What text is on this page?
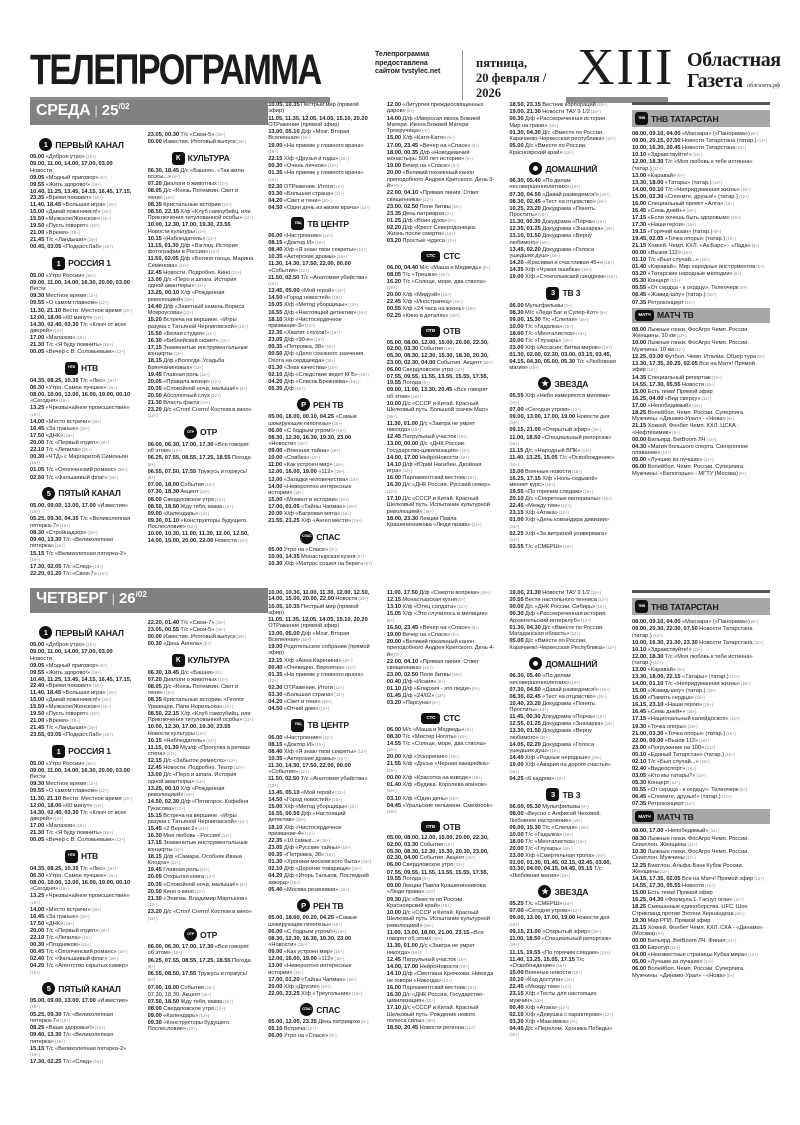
ТЕЛЕПРОГРАММА	Телепрограмма предоставлена сайтом tvstylec.net
пятница,
20 февраля / 2026	XIII Областная
Газета облгазета.рф
СРЕДА | $25^{/02}$
1 ПЕРВЫЙ КАНАЛ
05.00 «Доброе утро» (16+)
09.00, 11.00, 14.00, 17.00, 03.00 Новости
09.05 «Модный приговор» (6+)
09.55 «Жить здорово!» (16+)
10.40, 11.25, 13.45, 14.15, 16.45, 17.15, 23.35 «Время покажет» (16+)
11.40, 18.45 «Большая игра» (16+)
15.00 «Давай поженимся!» (16+)
15.50 «Мужское/Женское» (16+)
19.50 «Пусть говорят» (16+)
21.00 «Время» (16+)
21.45 Т/с «Ландыши» (16+)
00.45, 03.05 «Подкаст.Лаб» (16+)
1 РОССИЯ 1
05.00 «Утро России» (16+)
09.00, 11.00, 14.00, 16.30, 20.00, 03.00 Вести
09.30 Местное время (12+)
09.55 «О самом главном» (12+)
11.30, 21.10 Вести. Местное время (16+)
12.00, 18.00 «60 минут» (12+)
14.30, 02.40, 03.30 Т/с «Ключ от всех дверей» (12+)
17.00 «Малахов» (16+)
21.30 Т/с «Я буду помнить» (16+)
00.05 «Вечер с В. Соловьевым» (12+)
НТВ НТВ
04.35, 08.25, 10.35 Т/с «Лес» (16+)
06.30 «Утро. Самое лучшее» (16+)
08.00, 10.00, 13.00, 16.00, 19.00, 00.10 «Сегодня» (16+)
13.25 «Чрезвычайное происшествие» (16+)
14.00 «Место встречи» (16+)
16.45 «За гранью» (16+)
17.50 «ДНК» (16+)
20.00 Т/с «Первый отдел» (16+)
22.10 Т/с «Лепила» (16+)
00.30 «ЧТД» с Маргаритой Симоньян (16+)
01.05 Т/с «Ополченский романс» (16+)
02.50 Т/с «Фальшивый флаг» (16+)
5 ПЯТЫЙ КАНАЛ
05.00, 09.00, 13.00, 17.00 «Известия» (16+)
05.25, 09.30, 04.35 Т/с «Великолепная пятерка-7» (16+)
08.30 «Стройнадзор» (16+)
09.40, 13.30 Т/с «Великолепная пятерка» (16+)
15.15 Т/с «Великолепная пятерка-2» (16+)
17.30, 02.05 Т/с «След» (16+)
22.20, 01.20 Т/с «Свои-7» (16+)
23.05, 00.30 Т/с «Свои-5» (16+)
00.00 Известия. Итоговый выпуск (16+)
К КУЛЬТУРА
06.30, 18.45 Д/с «Башня». «Так жили поэты...» (6+)
07.20 Диалоги о животных (12+)
08.05 Д/с «Князь Потемкин. Свет и тени» (12+)
08.35 Кристальные истории (12+)
08.50, 22.15 Х/ф «Клуб самоубийц, или Приключения титулованной особы» (12+)
10.00, 12.30, 17.00, 19.30, 23.55 Новости культуры (12+)
10.15 «Наблюдатель» (12+)
11.15, 01.30 Д/ф «Взгляд. История фотографии в России» (12+)
11.50, 02.05 Д/ф «Богиня танца. Марина Семенова» (12+)
12.45 Новости. Подробно. Кино (12+)
13.00 Д/с «Перо и шпага. История одной авантюры» (12+)
13.25, 00.10 Х/ф «Рожденная революцией» (16+)
14.40 Д/ф «Заветный камень Бориса Мокроусова» (12+)
15.20 Встреча на вершине. «Игры разума с Татьяной Черниговской» (12+)
15.50 «Белая студия» (12+)
16.30 «Библейский сюжет» (12+)
17.15 Знаменитые инструментальные концерты (12+)
18.15 Д/ф «Вологда. Усадьба Брянчаниновых» (12+)
19.45 Главная роль (12+)
20.05 «Правила жизни» (12+)
20.35 «Спокойной ночи, малыши!» (6+)
20.50 Абсолютный слух (12+)
21.30 Власть факта (12+)
23.20 Д/с «Стоп! Снято! Костюм в кино» (12+)
ОТР ОТР
06.00, 06.30, 17.00, 17.30 «Все говорят об этом» (16+)
06.25, 07.55, 08.55, 17.25, 18.55 Погода (6+)
06.55, 07.50, 17.55 Тружусь и горжусь! (6+)
07.00, 18.00 События (16+)
07.30, 18.30 Акцент (16+)
08.00 Свердловское утро (12+)
08.50, 18.50 Жду тебя, мама (16+)
09.00 «Календарь» (12+)
09.30, 01.10 «Конструкторы будущего. Послесловие» (12+)
10.00, 10.30, 11.00, 11.30, 12.00, 12.50, 14.00, 15.00, 20.00, 22.00 Новости (16+)
10.05, 10.35 Пестрый мир (прямой эфир)
11.05, 11.35, 12.05, 14.05, 15.10, 20.20 ОТРажение (прямой эфир)
13.00, 05.10 Д/ф «Мозг. Вторая Вселенная» (16+)
19.00 «На приеме у главного врача» (16+)
22.15 Х/ф «Друзья и годы» (16+)
00.30 «Очень личное» (12+)
01.35 «На приеме у главного врача» (12+)
02.30 ОТРажение. Итоги (12+)
03.30 «Большая страна» (12+)
04.20 «Свет и тени» (16+)
04.50 «Один день из жизни врача» (12+)
ТВЦ ТВ ЦЕНТР
06.00 «Настроение» (12+)
08.15 «Доктор И» (16+)
08.40 Х/ф «Я знаю твои секреты» (12+)
10.35 «Актерские драмы» (16+)
11.30, 14.30, 17.50, 22.00, 00.00 «События» (12+)
11.50, 02.50 Т/с «Анатомия убийства» (12+)
13.45, 05.00 «Мой герой» (12+)
14.50 «Город новостей» (16+)
15.05 Х/ф «Метод уборщицы» (12+)
16.55 Д/ф «Настоящий детектив» (16+)
18.10 Х/ф «Чистосердечное призвание-3» (12+)
22.35 «Хватит слухов!» (16+)
23.05 Д/ф «90-е» (16+)
00.35 «Петровка, 38» (16+)
00.50 Д/ф «Дело союзного значения. Охота на сердцееда» (16+)
01.30 «Знак качества» (16+)
02.10 Д/ф «Следствие ведет КГБ» (16+)
04.20 Д/ф «Список Брежнева» (16+)
05.35 Д/ф (16+)
Р РЕН ТВ
05.00, 18.00, 00.10, 04.25 «Самые шокирующие гипотезы» (16+)
06.00 «С бодрым утром!» (16+)
08.30, 12.30, 16.30, 19.30, 23.00 «Новости» (16+)
09.00 «Военная тайна» (16+)
10.00 «Совбез» (16+)
11.00 «Как устроен мир» (16+)
12.00, 16.00, 19.00 «112» (16+)
13.00 «Загадки человечества» (16+)
14.00 «Невероятно интересные истории» (16+)
15.00 «Момент в истории» (16+)
17.00, 01.05 «Тайны Чапман» (16+)
20.00 Х/ф «Багровая мята» (16+)
21.55, 23.25 Х/ф «Ангел мести» (16+)
СПАС СПАС
05.00 Утро на «Спасе» (0+)
10.00, 14.35 Монастырская кухня (0+)
10.30 Х/ф «Матрос сошел на берег» (6+)
12.00 «Литургия преждеосвященных даров» (0+)
14.00 Д/ф «Иверская икона Божией Матери. Икона Божией Матери Троеручица» (0+)
15.00 Х/ф «Катя-Катя» (6+)
17.00, 23.45 «Вечер на «Спасе» (0+)
18.00, 00.35 Д/ф «Новодевичий монастырь. 500 лет истории» (0+)
19.00 Вечер на «Спасе» (0+)
20.00 «Великий покаянный канон преподобного Андрея Критского. День 3-й» (0+)
22.00, 04.10 «Прямая линия. Ответ священника» (12+)
23.00, 02.50 Поле битвы (16+)
23.35 День патриарха (0+)
01.25 Д/ф «Воин духа» (0+)
02.20 Д/ф «Крест Северодонецка. Жизнь после смерти» (12+)
03.20 Простые чудеса (12+)
СТС СТС
06.00, 04.40 М/с «Маша и Медведь» (0+)
08.05 Т/с «Трешка» (16+)
16.20 Т/с «Солнце, море, два ствола» (16+)
20.00 Х/ф «Мидуэй» (16+)
22.45 Х/ф «Иностранец» (16+)
00.55 Х/ф «24 часа на жизнь» (18+)
02.25 «Кино в деталях» (18+)
ОТВ ОТВ
05.00, 08.00, 12.00, 15.00, 20.00, 22.30, 02.00, 03.30 События (16+)
05.30, 08.30, 12.30, 15.30, 18.30, 20.30, 23.00, 02.30, 04.00 События. Акцент (16+)
06.00 Свердловское утро (12+)
07.55, 09.55, 11.55, 13.55, 15.55, 17.55, 19.55 Погода (6+)
09.00, 11.00, 13.30, 20.45 «Все говорят об этом» (16+)
10.00 Д/с «СССР и Китай. Красный Шелковый путь. Большой скачок Мао» (16+)
11.30, 01.00 Д/с «Завтра не умрет никогда» (16+)
12.45 Патрульный участок (16+)
13.00, 00.00 Д/с «ДНК России. Государство-цивилизация» (12+)
14.00, 17.00 НейроНовости (16+)
14.10 Д/ф «Юрий Нагибин. Двойная игра» (12+)
16.00 Парламентский вестник (16+)
16.30 Д/с «ДНК России. Русский север» (12+)
17.10 Д/с «СССР и Китай. Красный Шелковый путь. Испытание культурной революцией» (16+)
18.00, 23.30 Лекции Павла Крашенинникова «Люди права» (12+)
18.50, 23.15 Вестник корпораций (16+)
19.00, 21.30 Новости ТАУ 9 1/2 (16+)
00.30 Д/ф «Рассекреченная история. Мир на грани» (16+)
01.30, 04.30 Д/с «Вместе по России. Карачаево-Черкесская республика» (12+)
05.00 Д/с «Вместе по России. Красноярский край» (12+)
ДОМАШНИЙ
06.30, 05.40 «По делам несовершеннолетних» (16+)
07.30, 04.50 «Давай разведемся!» (16+)
08.30, 02.45 «Тест на отцовство» (16+)
10.25, 23.20 Докудрама «Понять. Простить» (16+)
11.30, 00.30 Докудрама «Порча» (16+)
12.35, 01.25 Докудрама «Знахарка» (16+)
13.10, 01.50 Докудрама «Верну любимого» (16+)
13.45, 02.20 Докудрама «Голоса ушедших душ» (16+)
14.20 «Красивая и счастливая 45+» (16+)
14.35 Х/ф «Чужая ошибка» (16+)
19.00 Х/ф «Стокгольмский синдром» (16+)
3 ТВ 3
06.00 Мультфильмы (0+)
08.30 М/с «Леди Баг и Супер-Кот» (6+)
09.00, 15.30 Т/с «Слепая» (16+)
10.00 Т/с «Гадалка» (16+)
18.00 Т/с «Менталистка» (16+)
20.00 Т/с «Глухарь» (16+)
23.00 Х/ф «Ассасин: Битва миров» (16+)
01.30, 02.00, 02.30, 03.00, 03.15, 03.45, 04.15, 04.30, 05.00, 05.30 Т/с «Любовная магия» (16+)
★ ЗВЕЗДА
05.55 Х/ф «Небо измеряется милями» (16+)
07.00 «Сегодня утром» (12+)
09.00, 13.00, 17.00, 19.00 Новости дня (16+)
09.15, 21.00 «Открытый эфир» (16+)
11.00, 18.50 «Специальный репортаж» (16+)
11.15 Д/с «Народный ВПК» (12+)
11.40, 13.25, 15.05 Т/с «Освобождение» (16+)
15.00 Военные новости (16+)
16.25, 17.15 Х/ф «Ноль-седьмой» меняет курс» (16+)
19.55 «По горячим следам» (16+)
20.10 Д/с «Секретные материалы» (16+)
22.45 «Между тем» (12+)
23.15 Х/ф «Атака» (12+)
01.00 Х/ф «День командира дивизии» (16+)
02.25 Х/ф «За витриной универмага» (12+)
03.55 Т/с «СМЕРШ» (16+)
ТНВ ТНВ ТАТАРСТАН
08.00, 09.10, 04.00 «Манзара» («Панорама») (6+)
09.00, 20.15, 07.50 Новости Татарстана (татар.) (12+)
10.00, 16.30, 20.45 Новости Татарстана (12+)
10.10 «Здравствуйте!» (12+)
12.00, 18.30 Т/с «Моя любовь к тебе истинна» (татар.) (12+)
13.00 «Каравай» (6+)
13.30, 18.00 «Татары» (татар.) (12+)
14.00, 00.10 Т/с «Непридуманная жизнь» (16+)
15.00, 02.30 «Споемте, друзья!» (татар.) (12+)
16.00 Специальный проект «Алга» (16+)
16.45 «Семь дней+» (16+)
17.15 «Если хочешь быть здоровым» (16+)
17.30 «Наши герои» (16+)
19.15 «Горячий казан» (татар.) (6+)
19.45, 02.05 «Точка опоры» (татар.) (16+)
21.15 Хоккей. Чемп. КХЛ. «Ак Барс» - «Лада» (6+)
00.00 «Вызов 112» (16+)
01.10 Т/с «Был случай...» (16+)
01.40 «Каравай». Мир народных инструментов (6+)
03.20 «Татарские народные мелодии» (0+)
05.30 Концерт (12+)
05.55 «От сердца - к сердцу». Телеочерк (6+)
06.45 «Жавид-шоу» (татар.) (16+)
07.35 Ретроконцерт (12+)
МАТЧ МАТЧ ТВ
08.00 Лыжные гонки. ФосАгро Чемп. России. Женщины. 10 км (12+)
10.00 Лыжные гонки. ФосАгро Чемп. России. Мужчины. 10 км (12+)
12.25, 03.00 Футбол. Чемп. Италии. Обзор тура (6+)
13.30, 17.35, 20.25, 02.05 Все на Матч! Прямой эфир (12+)
14.35 Специальный репортаж (12+)
14.55, 17.30, 05.55 Новости (16+)
15.00 Есть тема! Прямой эфир
16.25, 04.00 «Вид сверху» (12+)
17.00 «Непобедимый» (12+)
18.25 Волейбол. Чемп. России. Суперлига. Мужчины. «Динамо-Урал» - «Нова» (6+)
21.15 Хоккей. Фонбет Чемп. КХЛ. ЦСКА - «Нефтехимик» (6+)
00.00 Бильярд. BetBoom ЛЧ (12+)
04.30 «Магия большого спорта. Синхронное плавание» (12+)
05.00 «Лучшие из лучших» (12+)
06.00 Волейбол. Чемп. России. Суперлига. Мужчины. «Белогорье» - МГТУ (Москва) (6+)
ЧЕТВЕРГ | $26^{/02}$
1 ПЕРВЫЙ КАНАЛ
05.00 «Доброе утро» (16+)
09.00, 11.00, 14.00, 17.00, 03.00 Новости
09.05 «Модный приговор» (6+)
09.55 «Жить здорово!» (16+)
10.40, 11.25, 13.45, 14.15, 16.45, 17.15, 22.40 «Время покажет» (16+)
11.40, 18.45 «Большая игра» (16+)
15.00 «Давай поженимся!» (16+)
15.50 «Мужское/Женское» (16+)
19.50 «Пусть говорят» (16+)
21.00 «Время» (16+)
21.45 Т/с «Ландыши» (16+)
23.55, 03.05 «Подкаст.Лаб» (16+)
1 РОССИЯ 1
05.00 «Утро России» (16+)
09.00, 11.00, 14.00, 16.30, 20.00, 03.00 Вести
09.30 Местное время (12+)
09.55 «О самом главном» (12+)
11.30, 21.10 Вести. Местное время (16+)
12.00, 18.00 «60 минут» (12+)
14.30, 02.40, 03.30 Т/с «Ключ от всех дверей» (12+)
17.00 «Малахов» (16+)
21.30 Т/с «Я буду помнить» (16+)
00.05 «Вечер с В. Соловьевым» (12+)
НТВ НТВ
04.35, 08.25, 10.35 Т/с «Лес» (16+)
06.30 «Утро. Самое лучшее» (16+)
08.00, 10.00, 13.00, 16.00, 19.00, 00.10 «Сегодня» (16+)
13.25 «Чрезвычайное происшествие» (16+)
14.00 «Место встречи» (16+)
16.45 «За гранью» (16+)
17.50 «ДНК» (16+)
20.00 Т/с «Первый отдел» (16+)
22.10 Т/с «Лепила» (16+)
00.30 «Поздняков» (16+)
00.45 Т/с «Ополченский романс» (16+)
02.40 Т/с «Фальшивый флаг» (16+)
04.20 Т/с «Агентство скрытых камер» (16+)
5 ПЯТЫЙ КАНАЛ
05.00, 09.00, 13.00, 17.00 «Известия» (16+)
05.25, 09.30 Т/с «Великолепная пятерка-7» (16+)
08.25 «Ваше здоровье!» (12+)
09.40, 13.30 Т/с «Великолепная пятерка» (16+)
15.15 Т/с «Великолепная пятерка-2» (16+)
17.30, 02.25 Т/с «След» (16+)
22.20, 01.40 Т/с «Свои-7» (16+)
23.05, 00.55 Т/с «Свои-5» (16+)
00.00 Известия. Итоговый выпуск (16+)
00.30 «День Ангела» (0+)
К КУЛЬТУРА
06.30, 18.45 Д/с «Башня» (6+)
07.20 Диалоги о животных (12+)
08.05 Д/с «Князь Потемкин. Свет и тени» (12+)
08.35 Кристальные истории. «Геолог Урванцев. Папа Норильска» (12+)
08.50, 22.15 Х/ф «Клуб самоубийц, или Приключения титулованной особы» (12+)
10.00, 12.30, 17.00, 19.30, 23.55 Новости культуры (12+)
10.15 «Наблюдатель» (12+)
11.15, 01.30 Муз/ф «Прогулка в ритмах степа» (12+)
12.15 Д/с «Забытое ремесло» (12+)
12.45 Новости. Подробно. Театр (12+)
13.00 Д/с «Перо и шпага. История одной авантюры» (12+)
13.25, 00.10 Х/ф «Рожденная революцией» (16+)
14.50, 02.30 Д/ф «Пятигорск. Кофейня Гукасова» (12+)
15.15 Встреча на вершине. «Игры разума с Татьяной Черниговской» (12+)
15.45 «2 Верник 2» (12+)
16.30 Моя любовь - Россия! (12+)
17.15 Знаменитые инструментальные концерты (12+)
18.15 Д/ф «Самара. Особняк Ивана Клодта» (12+)
19.45 Главная роль (12+)
20.05 Открытая книга (12+)
20.35 «Спокойной ночи, малыши!» (6+)
20.50 Кино о кино (12+)
21.30 «Энигма. Владимир Мартынов» (12+)
23.20 Д/с «Стоп! Снято! Костюм в кино» (12+)
ОТР ОТР
06.00, 06.30, 17.00, 17.30 «Все говорят об этом» (16+)
06.25, 07.55, 08.55, 17.25, 18.55 Погода (6+)
06.55, 08.50, 17.55 Тружусь и горжусь! (6+)
07.00, 18.00 События (16+)
07.30, 18.30. Акцент (16+)
07.50, 18.50 Жду тебя, мама (16+)
08.00 Свердловское утро (12+)
09.00 «Календарь» (12+)
09.30 «Конструкторы будущего. Послесловие» (12+)
10.00, 10.30, 11.00, 11.30, 12.00, 12.50, 14.00, 15.00, 20.00, 22.00 Новости (16+)
10.05, 10.35 Пестрый мир (прямой эфир)
11.05, 11.35, 12.05, 14.05, 15.10, 20.20 ОТРажение (прямой эфир)
13.00, 05.00 Д/ф «Мозг. Вторая Вселенная» (16+)
19.00 Родительское собрание (прямой эфир)
22.15 Х/ф «Анна Каренина» (16+)
00.40 «Очевидно. Вероятно» (12+)
01.35 «На приеме у главного врача» (12+)
02.30 ОТРажение. Итоги (12+)
03.30 «Большая страна» (12+)
04.20 «Свет и тени» (16+)
04.50 «Отчий дом» (12+)
ТВЦ ТВ ЦЕНТР
06.00 «Настроение» (12+)
08.15 «Доктор И» (16+)
08.40 Х/ф «Я знаю твои секреты» (12+)
10.35 «Актерские драмы» (16+)
11.30, 14.30, 17.50, 22.00, 00.00 «События» (12+)
11.50, 02.50 Т/с «Анатомия убийства» (12+)
13.45, 05.10 «Мой герой» (12+)
14.50 «Город новостей» (16+)
15.00 Х/ф «Метод уборщицы» (12+)
16.55, 00.50 Д/ф «Настоящий детектив» (16+)
18.10 Х/ф «Чистосердечное призвание-4» (12+)
22.35 «10 самых...» (16+)
23.05 Д/ф «Русские тайны» (16+)
00.35 «Петровка, 38» (16+)
01.30 «Хроники московского быта» (16+)
02.10 Д/ф «Дорогие товарищи» (16+)
04.20 Д/ф «Игорь Тальков. Последний аккорд» (16+)
05.40 «Москва резиновая» (16+)
Р РЕН ТВ
05.00, 18.00, 00.20, 04.25 «Самые шокирующие гипотезы» (16+)
06.00 «С бодрым утром!» (16+)
08.30, 12.30, 16.30, 19.30, 23.00 «Новости» (16+)
09.00 «Как устроен мир» (16+)
12.00, 16.00, 19.00 «112» (16+)
13.00 «Невероятно интересные истории» (16+)
17.00, 01.20 «Тайны Чапман» (16+)
20.00 Х/ф «Другие» (16+)
22.00, 23.25 Х/ф «Треугольник» (16+)
СПАС СПАС
05.00, 12.05, 23.35 День патриарха (0+)
05.10 Встреча (12+)
06.00 Утро на «Спасе» (0+)
11.00, 17.50 Д/ф «Смерти вопреки» (16+)
12.15 Монастырская кухня (0+)
13.10 Х/ф «Отец солдата» (12+)
15.05 Х/ф «Это случилось в милиции» (6+)
16.50, 23.45 «Вечер на «Спасе» (0+)
19.00 Вечер на «Спасе» (0+)
20.00 «Великий покаянный канон преподобного Андрея Критского. День 4-й» (0+)
22.00, 04.10 «Прямая линия. Ответ священника» (12+)
23.00, 02.50 Поле битвы (16+)
00.40 Д/ф «Исаия» (0+)
01.10 Д/ф «Епархия - это люди» (0+)
01.45 Д/ф «24/02» (12+)
03.20 «Парсуна» (6+)
СТС СТС
06.00 М/с «Маша и Медведь» (0+)
08.30 Т/с «Мистер Ноготь» (16+)
14.55 Т/с «Солнце, море, два ствола» (16+)
20.00 Х/ф «Ускорение» (16+)
21.55 Х/ф «Досье «Черная канарейка» (16+)
00.00 Х/ф «Красотка на взводе» (18+)
01.40 Х/ф «Будика. Королева воинов» (16+)
03.10 Х/ф «Один день» (16+)
04.45 «Уральские пельмени. Смехbook» (16+)
ОТВ ОТВ
05.00, 08.00, 12.00, 15.00, 20.00, 22.30, 02.00, 03.30 События (16+)
05.30, 08.30, 12.30, 15.30, 20.30, 23.00, 02.30, 04.00 События. Акцент (16+)
06.00 Свердловское утро (12+)
07.55, 09.55, 11.55, 13.55, 15.55, 17.55, 19.55 Погода (6+)
09.00 Лекции Павла Крашенинникова «Люди права» (12+)
09.30 Д/с «Вместе по России. Красноярский край» (16+)
10.00 Д/с «СССР и Китай. Красный Шелковый путь. Испытание культурной революцией» (16+)
11.00, 13.00, 18.00, 21.00, 23.15 «Все говорят об этом» (16+)
11.30, 01.00 Д/с «Завтра не умрет никогда» (16+)
12.45 Патрульный участок (16+)
14.00, 17.00 НейроНовости (16+)
14.10 Д/ф «Светлана Крючкова. Никогда не говори «Никогда» (12+)
16.00 Парламентский вестник (16+)
16.30 Д/с «ДНК России. Государство-цивилизация» (12+)
17.10 Д/с «СССР и Китай. Красный Шелковый путь. Рождение нового полюса силы» (16+)
18.50, 20.45 Новости региона (12+)
19.00, 21.30 Новости ТАУ 9 1/2 (16+)
20.55 Вести настольного тенниса (12+)
00.00 Д/с «ДНК России. Сибирь» (12+)
00.30 Д/ф «Рассекреченная история. Архангельский интерклуб» (12+)
01.30, 04.30 Д/с «Вместе по России. Магаданская область» (12+)
05.00 Д/с «Вместе по России. Карачаево-Черкесская Республика» (12+)
ДОМАШНИЙ
06.30, 05.40 «По делам несовершеннолетних» (16+)
07.30, 04.50 «Давай разведемся!» (16+)
08.30, 02.45 «Тест на отцовство» (16+)
10.40, 23.20 Докудрама «Понять. Простить» (16+)
11.45, 00.30 Докудрама «Порча» (16+)
12.55, 01.25 Докудрама «Знахарка» (16+)
13.30, 01.50 Докудрама «Верну любимого» (16+)
14.05, 02.20 Докудрама «Голоса ушедших душ» (16+)
14.40 Х/ф «Родные неродные» (16+)
19.00 Х/ф «Авария на дороге счастья» (16+)
04.25 «6 кадров» (16+)
3 ТВ 3
06.00, 05.30 Мультфильмы (0+)
08.00 «Вкусно с Анфисой Чеховой. Любовное настроение» (16+)
09.00, 15.30 Т/с «Слепая» (16+)
10.00 Т/с «Гадалка» (16+)
18.00 Т/с «Менталистка» (16+)
20.00 Т/с «Глухарь» (16+)
23.00 Х/ф «Смертельная тропа» (16+)
01.00, 01.30, 01.45, 02.15, 02.45, 03.00, 03.30, 04.00, 04.15, 04.45, 05.15 Т/с «Любовная магия» (16+)
★ ЗВЕЗДА
05.25 Т/с «СМЕРШ» (16+)
07.00 «Сегодня утром» (12+)
09.00, 13.00, 17.00, 19.00 Новости дня (16+)
09.15, 21.00 «Открытый эфир» (16+)
11.00, 18.50 «Специальный репортаж» (16+)
11.15, 19.55 «По горячим следам» (12+)
11.40, 13.25, 15.05, 17.15 Т/с «Освобождение» (16+)
15.00 Военные новости (16+)
20.10 «Код доступа» (12+)
22.45 «Между тем» (12+)
23.15 Х/ф «Тесты для настоящих мужчин» (12+)
00.40 Х/ф «Атака» (12+)
02.10 Х/ф «Девушка с характером» (12+)
03.30 Х/ф «Максимка» (6+)
04.45 Д/с «Перелом. Хроника Победы» (16+)
ТНВ ТНВ ТАТАРСТАН
08.00, 09.10, 04.00 «Манзара» («Панорама») (6+)
09.00, 20.30, 22.30, 07.50 Новости Татарстана (татар.) (12+)
10.00, 16.30, 21.30, 23.30 Новости Татарстана (12+)
10.10 «Здравствуйте!» (12+)
12.00, 18.30 Т/с «Моя любовь к тебе истинна» (татар.) (12+)
13.00 «Каравай» (6+)
13.30, 18.00, 22.15 «Татары» (татар.) (12+)
14.00, 01.10 Т/с «Непридуманная жизнь» (16+)
15.00 «Жавид-шоу» (татар.) (16+)
16.00 «Память сердца» (16+)
16.15, 23.10 «Наши герои» (16+)
16.45 «Семь дней+» (16+)
17.15 «Национальный калейдоскоп» (12+)
19.30 «Точка опоры» (16+)
21.00, 03.30 «Точка опоры» (татар.) (16+)
22.00, 00.00 «Вызов 112» (16+)
23.00 «Погружение на 100» (12+)
00.10 «Единый Татарстан» (татар.) (16+)
02.10 Т/с «Был случай...» (16+)
02.40 «Видеоспорт» (16+)
03.05 «Кто мы татары?» (12+)
05.30 Концерт (12+)
05.55 «От сердца - к сердцу». Телеочерк (6+)
06.45 «Споемте, друзья!» (татар.) (12+)
07.35 Ретроконцерт (12+)
МАТЧ МАТЧ ТВ
08.00, 17.00 «Непобедимый» (12+)
08.30 Лыжные гонки. ФосАгро Чемп. России. Скиатлон. Женщины (12+)
10.30 Лыжные гонки. ФосАгро Чемп. России. Скиатлон. Мужчины (12+)
12.25 Биатлон. Альфа-Банк Кубок России. Женщины (12+)
14.15, 17.35, 02.05 Все на Матч! Прямой эфир (12+)
14.55, 17.30, 05.55 Новости (16+)
15.00 Есть тема! Прямой эфир
16.25, 04.30 «Формула 1. Гаснут огни» (12+)
18.25 Смешанные единоборства. UFC. Шон Стрикланд против Энтони Хернандеза (16+)
19.30 Мир РПЛ. Прямой эфир
21.15 Хоккей. Фонбет Чемп. КХЛ. СКА - «Динамо» (Москва) (6+)
00.00 Бильярд. BetBoom ЛЧ. Финал (12+)
03.00 Евротур (12+)
04.00 «Неизвестные страницы Кубка мира» (12+)
05.00 «Лучшие из лучших» (12+)
06.00 Волейбол. Чемп. России. Суперлига. Мужчины. «Динамо-Урал» - «Нова» (6+)
